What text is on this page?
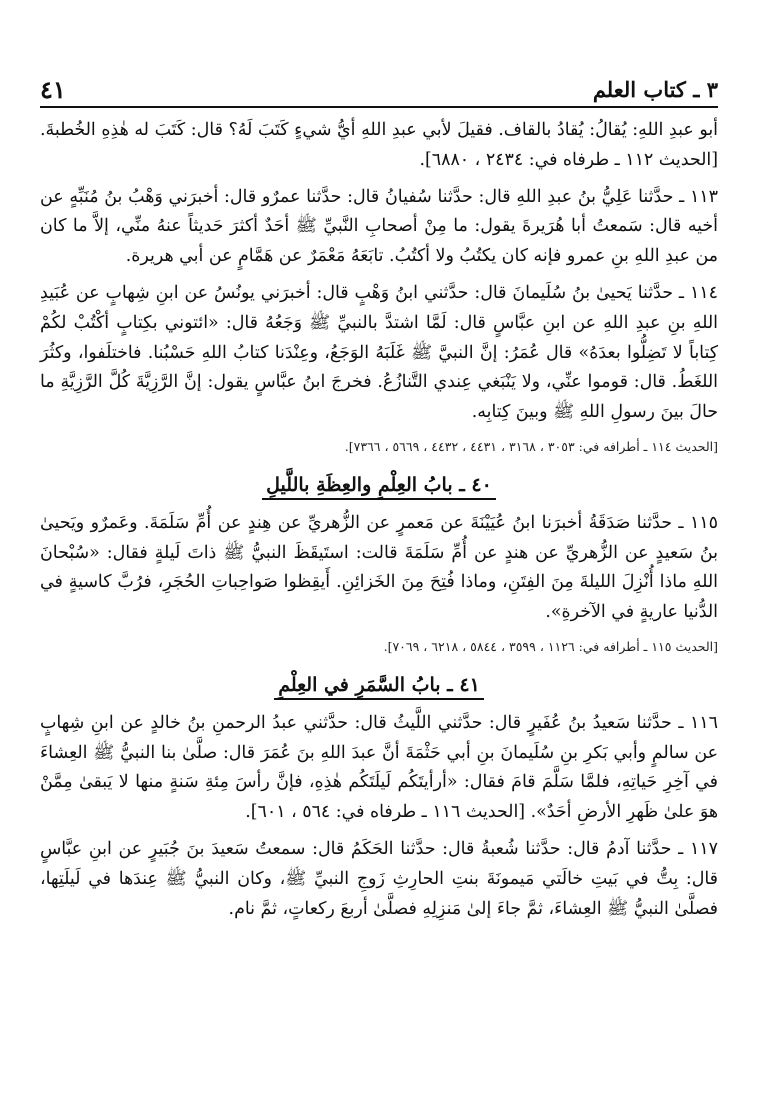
٣ ـ كتاب العلم
٤١

أبو عبدِ اللهِ: يُقالُ: يُقادُ بالقاف. فقيلَ لأبي عبدِ اللهِ أيُّ شيءٍ كَتَبَ لَهُ؟ قال: كَتَبَ له هٰذِهِ الخُطبةَ. [الحديث ١١٢ ـ طرفاه في: ٢٤٣٤ ، ٦٨٨٠].

١١٣ ـ حدَّثنا عَلِيُّ بنُ عبدِ اللهِ قال: حدَّثنا سُفيانُ قال: حدَّثنا عمرٌو قال: أخبرَني وَهْبُ بنُ مُنَبِّهٍ عن أخيه قال: سَمعتُ أبا هُرَيرةَ يقول: ما مِنْ أصحابِ النَّبيِّ ﷺ أحَدٌ أكثرَ حَديثاً عنهُ منِّي، إلاَّ ما كان من عبدِ اللهِ بنِ عمرو فإنه كان يكتُبُ ولا أكتُبُ. تابَعَهُ مَعْمَرٌ عن هَمَّامٍ عن أبي هريرة.

١١٤ ـ حدَّثنا يَحيىٰ بنُ سُلَيمانَ قال: حدَّثني ابنُ وَهْبٍ قال: أخبرَني يونُسُ عن ابنِ شِهابٍ عن عُبَيدِ اللهِ بنِ عبدِ اللهِ عن ابنِ عبَّاسٍ قال: لَمَّا اشتدَّ بالنبيِّ ﷺ وَجَعُهُ قال: «ائتوني بكِتابٍ أكْتُبْ لكُمْ كِتاباً لا تَضِلُّوا بعدَهُ» قال عُمَرُ: إنَّ النبيَّ ﷺ غَلَبَهُ الوَجَعُ، وعِنْدَنا كتابُ اللهِ حَسْبُنا. فاختلَفوا، وكثُرَ اللغَطُ. قال: قوموا عنِّي، ولا يَنْبَغي عِندي التَّنازُعُ. فخرجَ ابنُ عبَّاسٍ يقول: إنَّ الرَّزِيَّةَ كُلَّ الرَّزِيَّةِ ما حالَ بينَ رسولِ اللهِ ﷺ وبينَ كِتابِه.

[الحديث ١١٤ ـ أطرافه في: ٣٠٥٣ ، ٣١٦٨ ، ٤٤٣١ ، ٤٤٣٢ ، ٥٦٦٩ ، ٧٣٦٦].

٤٠ ـ بابُ العِلْمِ والعِظَةِ باللَّيلِ

١١٥ ـ حدَّثنا صَدَقَةُ أخبرَنا ابنُ عُيَيْنَةَ عن مَعمرٍ عن الزُّهريِّ عن هِندٍ عن أُمِّ سَلَمَةَ. وعَمرٌو ويَحيىٰ بنُ سَعيدٍ عن الزُّهريِّ عن هندٍ عن أُمِّ سَلَمَةَ قالت: استَيقَظَ النبيُّ ﷺ ذاتَ لَيلةٍ فقال: «سُبْحانَ اللهِ ماذا أُنْزِلَ الليلةَ مِنَ الفِتَنِ، وماذا فُتِحَ مِنَ الخَزائِنِ. أَيقِظوا صَواحِباتِ الحُجَرِ، فرُبَّ كاسيةٍ في الدُّنيا عاريةٍ في الآخرةِ».

[الحديث ١١٥ ـ أطرافه في: ١١٢٦ ، ٣٥٩٩ ، ٥٨٤٤ ، ٦٢١٨ ، ٧٠٦٩].

٤١ ـ بابُ السَّمَرِ في العِلْمِ

١١٦ ـ حدَّثنا سَعيدُ بنُ عُفَيرٍ قال: حدَّثني اللَّيثُ قال: حدَّثني عبدُ الرحمنِ بنُ خالدٍ عن ابنِ شِهابٍ عن سالمٍ وأبي بَكرِ بنِ سُلَيمانَ بنِ أبي حَثْمَةَ أنَّ عبدَ اللهِ بنَ عُمَرَ قال: صلَّىٰ بنا النبيُّ ﷺ العِشاءَ في آخِرِ حَياتِهِ، فلمَّا سَلَّمَ قامَ فقال: «أرأيتَكُم لَيلَتَكُم هٰذِهِ، فإنَّ رأسَ مِئةِ سَنةٍ منها لا يَبقىٰ مِمَّنْ هوَ علىٰ ظَهرِ الأرضِ أحَدٌ». [الحديث ١١٦ ـ طرفاه في: ٥٦٤ ، ٦٠١].

١١٧ ـ حدَّثنا آدمُ قال: حدَّثنا شُعبةُ قال: حدَّثنا الحَكَمُ قال: سمعتُ سَعيدَ بنَ جُبَيرٍ عن ابنِ عبَّاسٍ قال: بِتُّ في بَيتِ خالَتي مَيمونَةَ بنتِ الحارِثِ زَوجِ النبيِّ ﷺ، وكان النبيُّ ﷺ عِندَها في لَيلَتِها، فصلَّىٰ النبيُّ ﷺ العِشاءَ، ثمَّ جاءَ إلىٰ مَنزِلِهِ فصلَّىٰ أربعَ ركعاتٍ، ثمَّ نام.
